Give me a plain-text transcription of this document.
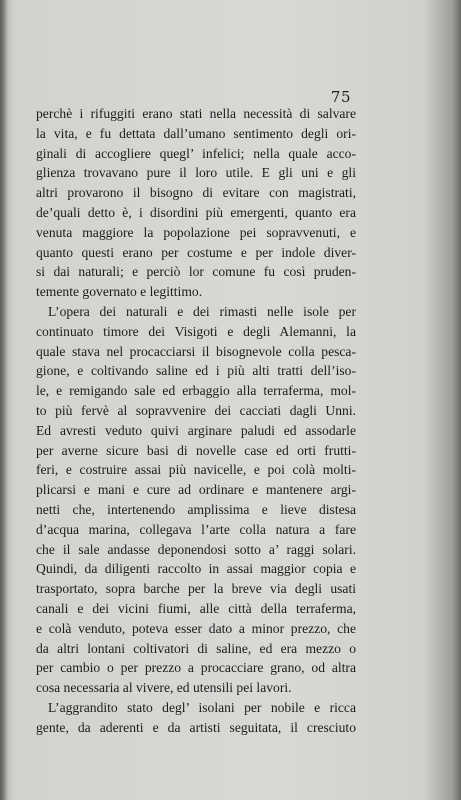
75
perchè i rifuggiti erano stati nella necessità di salvare
la vita, e fu dettata dall’umano sentimento degli ori-
ginali di accogliere quegl’ infelici; nella quale acco-
glienza trovavano pure il loro utile. E gli uni e gli
altri provarono il bisogno di evitare con magistrati,
de’quali detto è, i disordini più emergenti, quanto era
venuta maggiore la popolazione pei sopravvenuti, e
quanto questi erano per costume e per indole diver-
si dai naturali; e perciò lor comune fu così pruden-
temente governato e legittimo.
L’opera dei naturali e dei rimasti nelle isole per
continuato timore dei Visigoti e degli Alemanni, la
quale stava nel procacciarsi il bisognevole colla pesca-
gione, e coltivando saline ed i più alti tratti dell’iso-
le, e remigando sale ed erbaggio alla terraferma, mol-
to più fervè al sopravvenire dei cacciati dagli Unni.
Ed avresti veduto quivi arginare paludi ed assodarle
per averne sicure basi di novelle case ed orti frutti-
feri, e costruire assai più navicelle, e poi colà molti-
plicarsi e mani e cure ad ordinare e mantenere argi-
netti che, intertenendo amplissima e lieve distesa
d’acqua marina, collegava l’arte colla natura a fare
che il sale andasse deponendosi sotto a’ raggi solari.
Quindi, da diligenti raccolto in assai maggior copia e
trasportato, sopra barche per la breve via degli usati
canali e dei vicini fiumi, alle città della terraferma,
e colà venduto, poteva esser dato a minor prezzo, che
da altri lontani coltivatori di saline, ed era mezzo o
per cambio o per prezzo a procacciare grano, od altra
cosa necessaria al vivere, ed utensili pei lavori.
L’aggrandito stato degl’ isolani per nobile e ricca
gente, da aderenti e da artisti seguitata, il cresciuto
